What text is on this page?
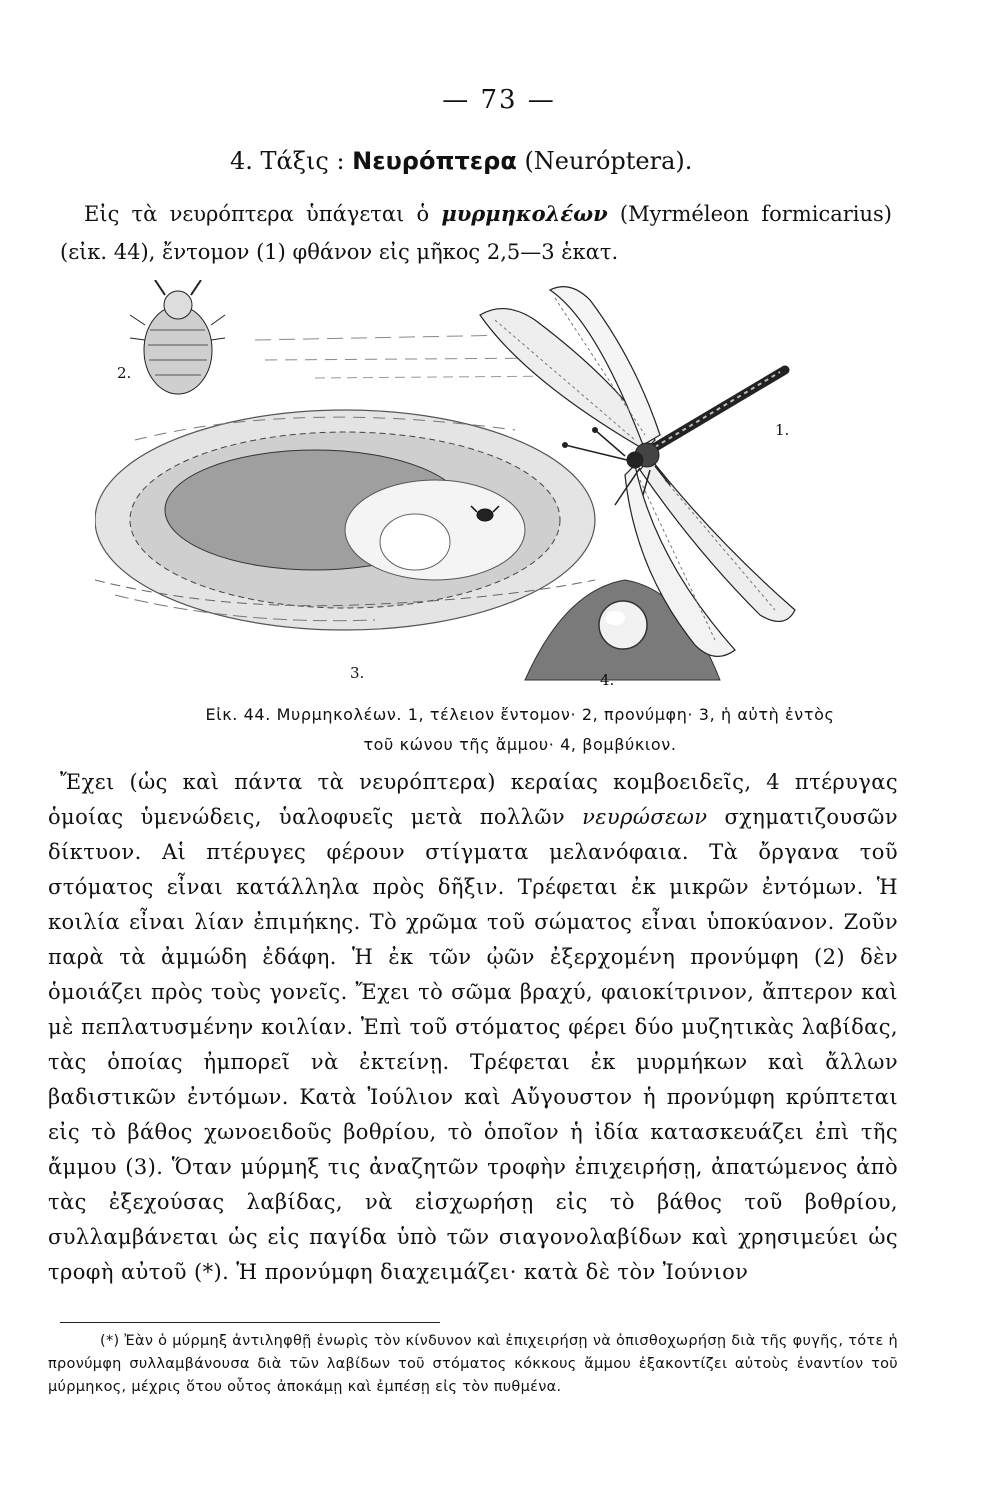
— 73 —
4. Τάξις : Νευρόπτερα (Neuróptera).
Εἰς τὰ νευρόπτερα ὑπάγεται ὁ μυρμηκολέων (Myrméleon formicarius) (εἰκ. 44), ἔντομον (1) φθάνον εἰς μῆκος 2,5—3 ἑκατ.
2.
1.
3.	4.
Εἰκ. 44. Μυρμηκολέων. 1, τέλειον ἔντομον· 2, προνύμφη· 3, ἡ αὐτὴ ἐντὸς
τοῦ κώνου τῆς ἄμμου· 4, βομβύκιον.
Ἔχει (ὡς καὶ πάντα τὰ νευρόπτερα) κεραίας κομβοειδεῖς, 4 πτέρυγας ὁμοίας ὑμενώδεις, ὑαλοφυεῖς μετὰ πολλῶν νευρώσεων σχηματιζουσῶν δίκτυον. Αἱ πτέρυγες φέρουν στίγματα μελανόφαια. Τὰ ὄργανα τοῦ στόματος εἶναι κατάλληλα πρὸς δῆξιν. Τρέφεται ἐκ μικρῶν ἐντόμων. Ἡ κοιλία εἶναι λίαν ἐπιμήκης. Τὸ χρῶμα τοῦ σώματος εἶναι ὑποκύανον. Ζοῦν παρὰ τὰ ἀμμώδη ἐδάφη. Ἡ ἐκ τῶν ᾠῶν ἐξερχομένη προνύμφη (2) δὲν ὁμοιάζει πρὸς τοὺς γονεῖς. Ἔχει τὸ σῶμα βραχύ, φαιοκίτρινον, ἄπτερον καὶ μὲ πεπλατυσμένην κοιλίαν. Ἐπὶ τοῦ στόματος φέρει δύο μυζητικὰς λαβίδας, τὰς ὁποίας ἠμπορεῖ νὰ ἐκτείνῃ. Τρέφεται ἐκ μυρμήκων καὶ ἄλλων βαδιστικῶν ἐντόμων. Κατὰ Ἰούλιον καὶ Αὔγουστον ἡ προνύμφη κρύπτεται εἰς τὸ βάθος χωνοειδοῦς βοθρίου, τὸ ὁποῖον ἡ ἰδία κατασκευάζει ἐπὶ τῆς ἄμμου (3). Ὅταν μύρμηξ τις ἀναζητῶν τροφὴν ἐπιχειρήσῃ, ἀπατώμενος ἀπὸ τὰς ἐξεχούσας λαβίδας, νὰ εἰσχωρήσῃ εἰς τὸ βάθος τοῦ βοθρίου, συλλαμβάνεται ὡς εἰς παγίδα ὑπὸ τῶν σιαγονολαβίδων καὶ χρησιμεύει ὡς τροφὴ αὐτοῦ (*). Ἡ προνύμφη διαχειμάζει· κατὰ δὲ τὸν Ἰούνιον
(*) Ἐὰν ὁ μύρμηξ ἀντιληφθῇ ἐνωρὶς τὸν κίνδυνον καὶ ἐπιχειρήσῃ νὰ ὀπισθοχωρήσῃ διὰ τῆς φυγῆς, τότε ἡ προνύμφη συλλαμβάνουσα διὰ τῶν λαβίδων τοῦ στόματος κόκκους ἄμμου ἐξακοντίζει αὐτοὺς ἐναντίον τοῦ μύρμηκος, μέχρις ὅτου οὗτος ἀποκάμῃ καὶ ἐμπέσῃ εἰς τὸν πυθμένα.
